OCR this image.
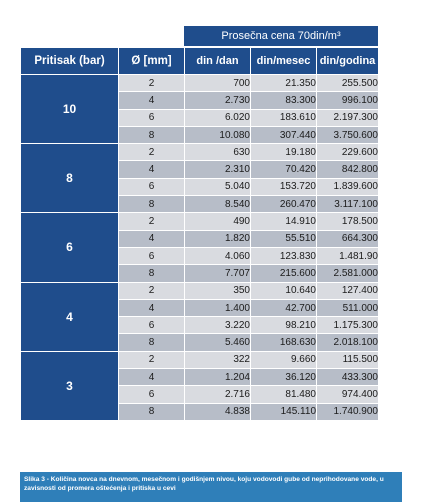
Prosečna cena 70din/m³
Pritisak (bar)	Ø [mm]	din /dan	din/mesec	din/godina
10	2	700	21.350	255.500
	4	2.730	83.300	996.100
	6	6.020	183.610	2.197.300
	8	10.080	307.440	3.750.600
8	2	630	19.180	229.600
	4	2.310	70.420	842.800
	6	5.040	153.720	1.839.600
	8	8.540	260.470	3.117.100
6	2	490	14.910	178.500
	4	1.820	55.510	664.300
	6	4.060	123.830	1.481.90
	8	7.707	215.600	2.581.000
4	2	350	10.640	127.400
	4	1.400	42.700	511.000
	6	3.220	98.210	1.175.300
	8	5.460	168.630	2.018.100
3	2	322	9.660	115.500
	4	1.204	36.120	433.300
	6	2.716	81.480	974.400
	8	4.838	145.110	1.740.900
Slika 3 - Količina novca na dnevnom, mesečnom i godišnjem nivou, koju vodovodi gube od neprihodovane vode, u zavisnosti od promera oštećenja i pritiska u cevi
